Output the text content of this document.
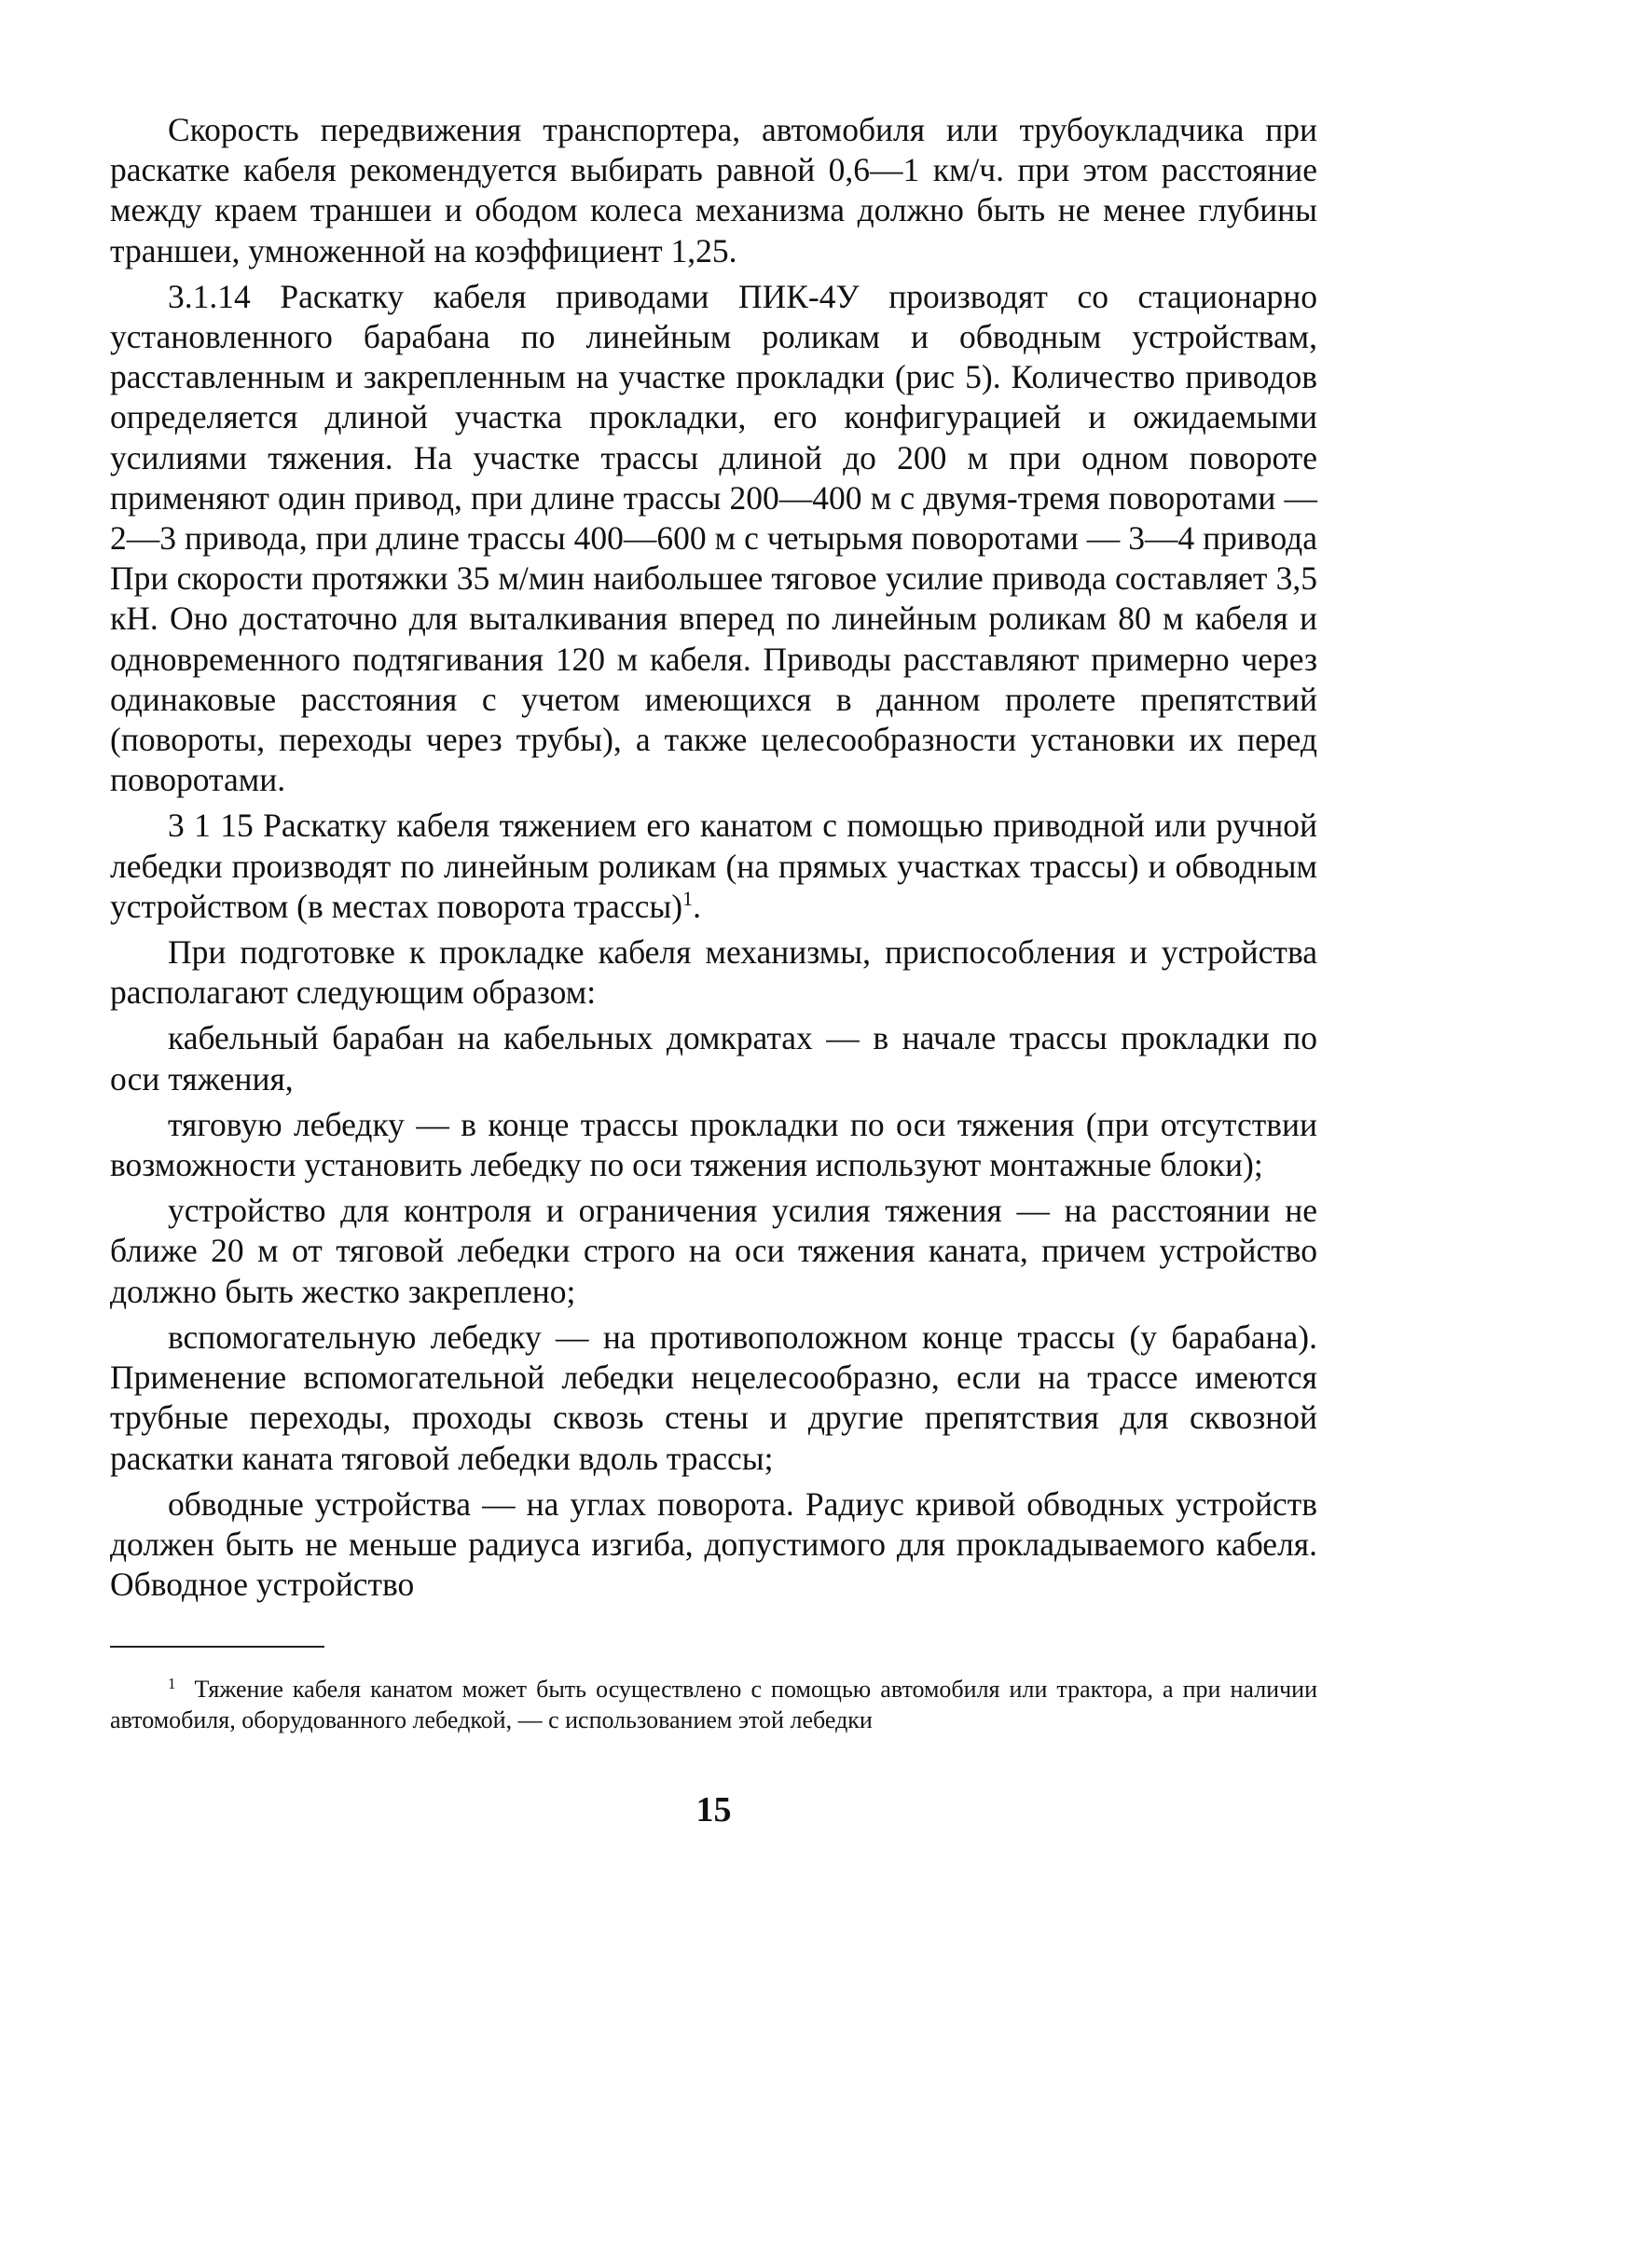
Скорость передвижения транспортера, автомобиля или трубоукладчика при раскатке кабеля рекомендуется выбирать равной 0,6—1 км/ч. при этом расстояние между краем траншеи и ободом колеса механизма должно быть не менее глубины траншеи, умноженной на коэффициент 1,25.

3.1.14 Раскатку кабеля приводами ПИК-4У производят со стационарно установленного барабана по линейным роликам и обводным устройствам, расставленным и закрепленным на участке прокладки (рис 5). Количество приводов определяется длиной участка прокладки, его конфигурацией и ожидаемыми усилиями тяжения. На участке трассы длиной до 200 м при одном повороте применяют один привод, при длине трассы 200—400 м с двумя-тремя поворотами — 2—3 привода, при длине трассы 400—600 м с четырьмя поворотами — 3—4 привода При скорости протяжки 35 м/мин наибольшее тяговое усилие привода составляет 3,5 кН. Оно достаточно для выталкивания вперед по линейным роликам 80 м кабеля и одновременного подтягивания 120 м кабеля. Приводы расставляют примерно через одинаковые расстояния с учетом имеющихся в данном пролете препятствий (повороты, переходы через трубы), а также целесообразности установки их перед поворотами.

3 1 15 Раскатку кабеля тяжением его канатом с помощью приводной или ручной лебедки производят по линейным роликам (на прямых участках трассы) и обводным устройством (в местах поворота трассы)$^1$.

При подготовке к прокладке кабеля механизмы, приспособления и устройства располагают следующим образом:

кабельный барабан на кабельных домкратах — в начале трассы прокладки по оси тяжения,

тяговую лебедку — в конце трассы прокладки по оси тяжения (при отсутствии возможности установить лебедку по оси тяжения используют монтажные блоки);

устройство для контроля и ограничения усилия тяжения — на расстоянии не ближе 20 м от тяговой лебедки строго на оси тяжения каната, причем устройство должно быть жестко закреплено;

вспомогательную лебедку — на противоположном конце трассы (у барабана). Применение вспомогательной лебедки нецелесообразно, если на трассе имеются трубные переходы, проходы сквозь стены и другие препятствия для сквозной раскатки каната тяговой лебедки вдоль трассы;

обводные устройства — на углах поворота. Радиус кривой обводных устройств должен быть не меньше радиуса изгиба, допустимого для прокладываемого кабеля. Обводное устройство

$^1$ Тяжение кабеля канатом может быть осуществлено с помощью автомобиля или трактора, а при наличии автомобиля, оборудованного лебедкой, — с использованием этой лебедки

15
